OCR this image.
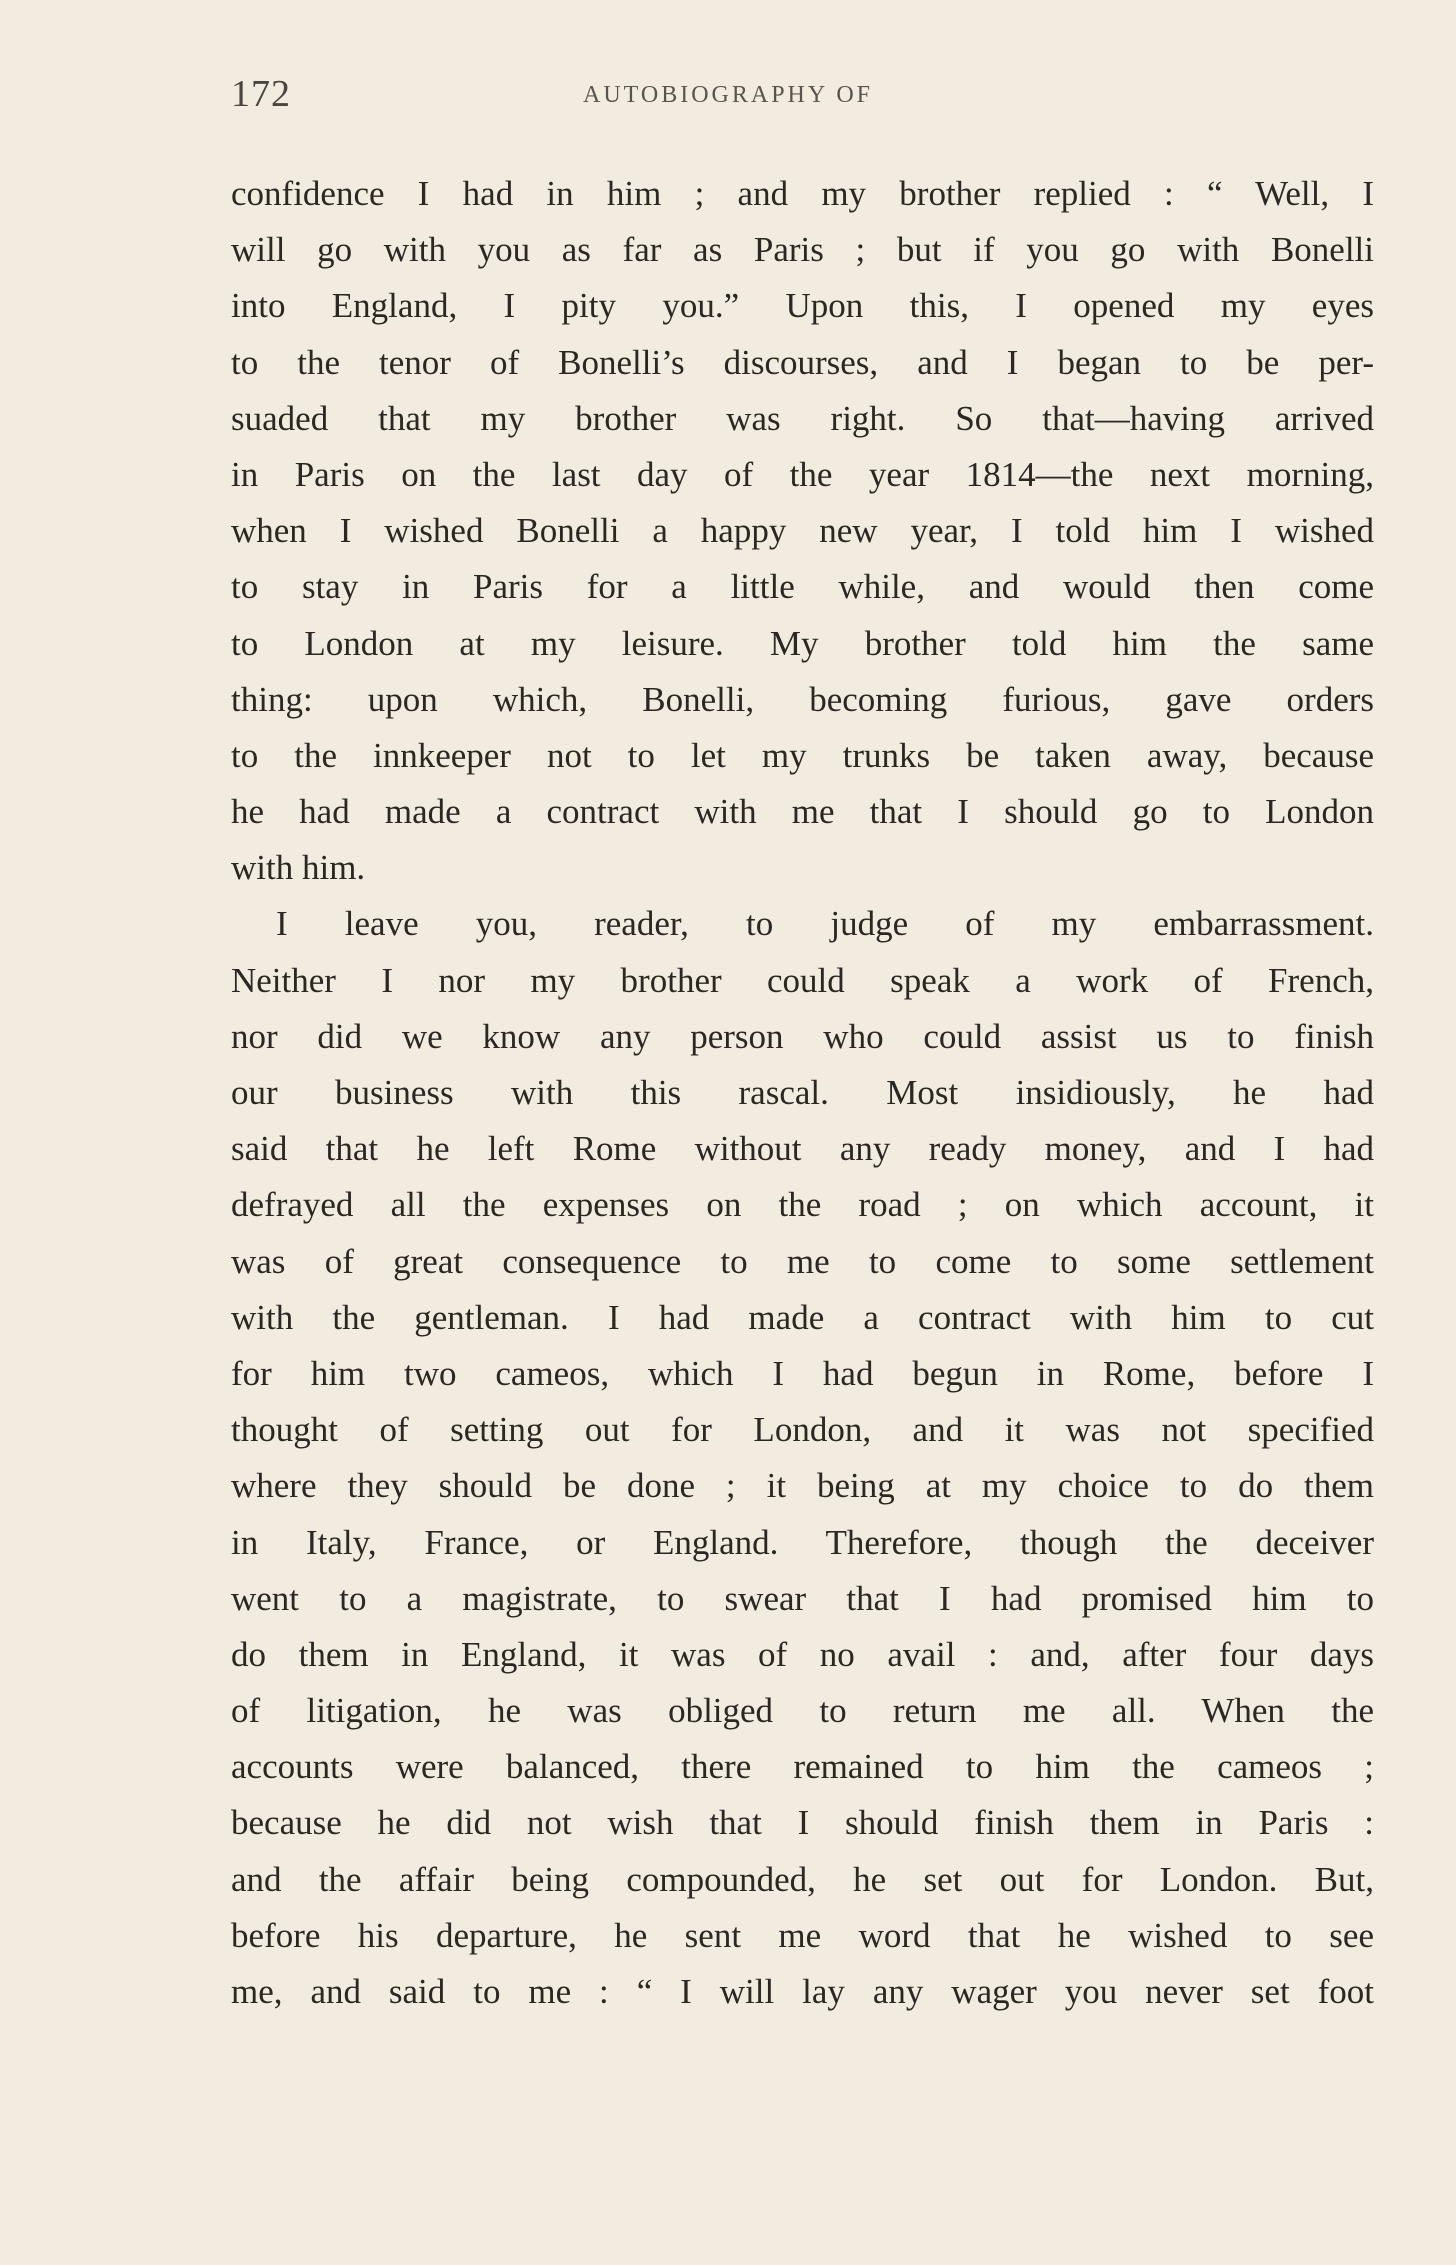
172	AUTOBIOGRAPHY OF
confidence I had in him ; and my brother replied : “ Well, I
will go with you as far as Paris ; but if you go with Bonelli
into England, I pity you.” Upon this, I opened my eyes
to the tenor of Bonelli’s discourses, and I began to be per-
suaded that my brother was right. So that—having arrived
in Paris on the last day of the year 1814—the next morning,
when I wished Bonelli a happy new year, I told him I wished
to stay in Paris for a little while, and would then come
to London at my leisure. My brother told him the same
thing: upon which, Bonelli, becoming furious, gave orders
to the innkeeper not to let my trunks be taken away, because
he had made a contract with me that I should go to London
with him.
I leave you, reader, to judge of my embarrassment.
Neither I nor my brother could speak a work of French,
nor did we know any person who could assist us to finish
our business with this rascal. Most insidiously, he had
said that he left Rome without any ready money, and I had
defrayed all the expenses on the road ; on which account, it
was of great consequence to me to come to some settlement
with the gentleman. I had made a contract with him to cut
for him two cameos, which I had begun in Rome, before I
thought of setting out for London, and it was not specified
where they should be done ; it being at my choice to do them
in Italy, France, or England. Therefore, though the deceiver
went to a magistrate, to swear that I had promised him to
do them in England, it was of no avail : and, after four days
of litigation, he was obliged to return me all. When the
accounts were balanced, there remained to him the cameos ;
because he did not wish that I should finish them in Paris :
and the affair being compounded, he set out for London. But,
before his departure, he sent me word that he wished to see
me, and said to me : “ I will lay any wager you never set foot
